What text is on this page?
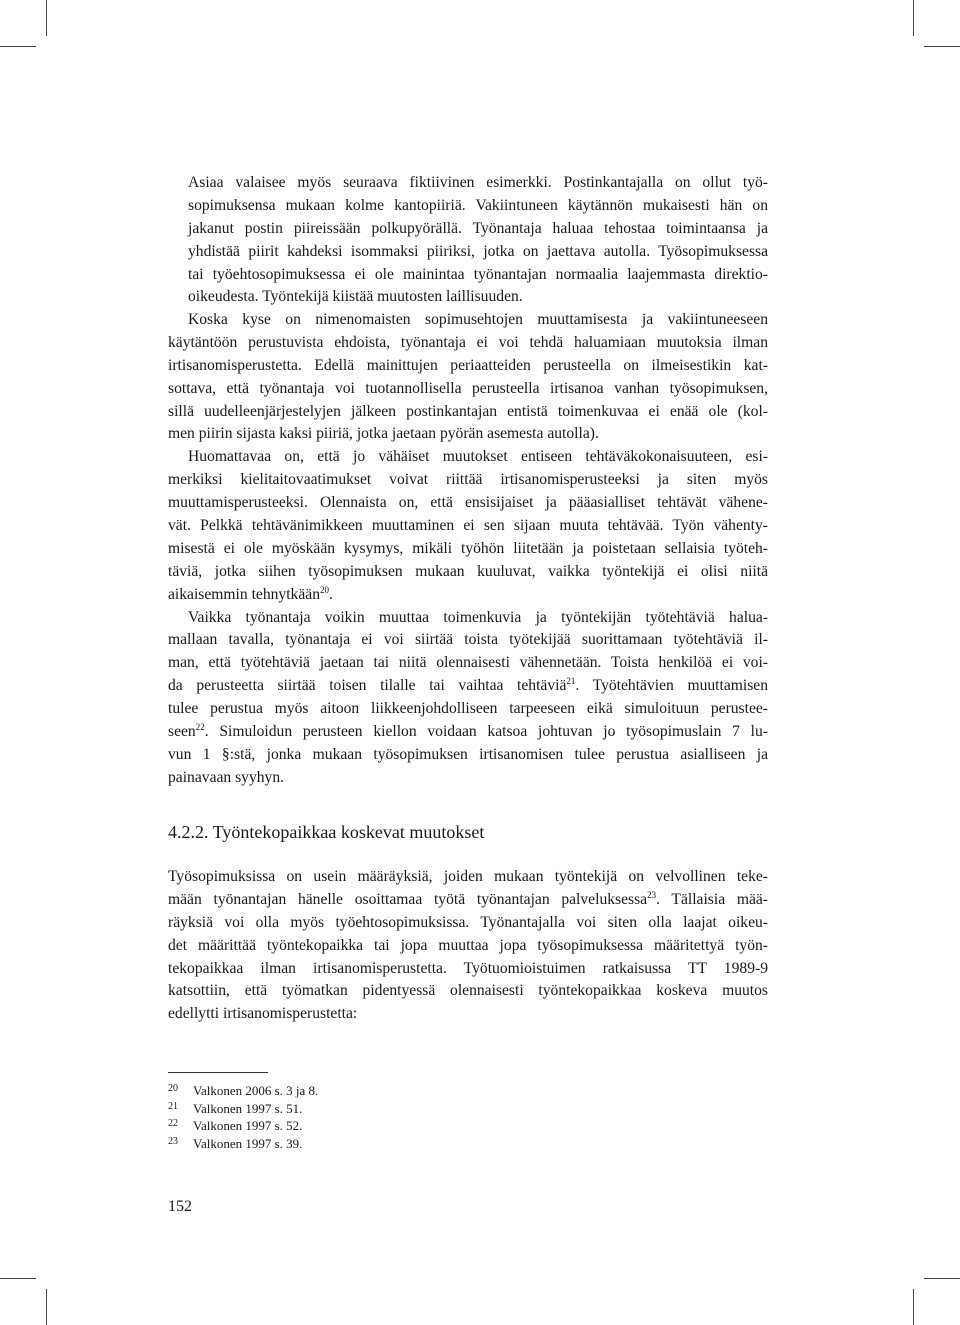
Asiaa valaisee myös seuraava fiktiivinen esimerkki. Postinkantajalla on ollut työ-
sopimuksensa mukaan kolme kantopiiriä. Vakiintuneen käytännön mukaisesti hän on
jakanut postin piireissään polkupyörällä. Työnantaja haluaa tehostaa toimintaansa ja
yhdistää piirit kahdeksi isommaksi piiriksi, jotka on jaettava autolla. Työsopimuksessa
tai työehtosopimuksessa ei ole mainintaa työnantajan normaalia laajemmasta direktio-
oikeudesta. Työntekijä kiistää muutosten laillisuuden.
Koska kyse on nimenomaisten sopimusehtojen muuttamisesta ja vakiintuneeseen
käytäntöön perustuvista ehdoista, työnantaja ei voi tehdä haluamiaan muutoksia ilman
irtisanomisperustetta. Edellä mainittujen periaatteiden perusteella on ilmeisestikin kat-
sottava, että työnantaja voi tuotannollisella perusteella irtisanoa vanhan työsopimuksen,
sillä uudelleenjärjestelyjen jälkeen postinkantajan entistä toimenkuvaa ei enää ole (kol-
men piirin sijasta kaksi piiriä, jotka jaetaan pyörän asemesta autolla).
Huomattavaa on, että jo vähäiset muutokset entiseen tehtäväkokonaisuuteen, esi-
merkiksi kielitaitovaatimukset voivat riittää irtisanomisperusteeksi ja siten myös
muuttamisperusteeksi. Olennaista on, että ensisijaiset ja pääasialliset tehtävät vähene-
vät. Pelkkä tehtävänimikkeen muuttaminen ei sen sijaan muuta tehtävää. Työn vähenty-
misestä ei ole myöskään kysymys, mikäli työhön liitetään ja poistetaan sellaisia työteh-
täviä, jotka siihen työsopimuksen mukaan kuuluvat, vaikka työntekijä ei olisi niitä
aikaisemmin tehnytkään$^{20}$.
Vaikka työnantaja voikin muuttaa toimenkuvia ja työntekijän työtehtäviä halua-
mallaan tavalla, työnantaja ei voi siirtää toista työtekijää suorittamaan työtehtäviä il-
man, että työtehtäviä jaetaan tai niitä olennaisesti vähennetään. Toista henkilöä ei voi-
da perusteetta siirtää toisen tilalle tai vaihtaa tehtäviä$^{21}$. Työtehtävien muuttamisen
tulee perustua myös aitoon liikkeenjohdolliseen tarpeeseen eikä simuloituun perustee-
seen$^{22}$. Simuloidun perusteen kiellon voidaan katsoa johtuvan jo työsopimuslain 7 lu-
vun 1 §:stä, jonka mukaan työsopimuksen irtisanomisen tulee perustua asialliseen ja
painavaan syyhyn.
4.2.2. Työntekopaikkaa koskevat muutokset
Työsopimuksissa on usein määräyksiä, joiden mukaan työntekijä on velvollinen teke-
mään työnantajan hänelle osoittamaa työtä työnantajan palveluksessa$^{23}$. Tällaisia mää-
räyksiä voi olla myös työehtosopimuksissa. Työnantajalla voi siten olla laajat oikeu-
det määrittää työntekopaikka tai jopa muuttaa jopa työsopimuksessa määritettyä työn-
tekopaikkaa ilman irtisanomisperustetta. Työtuomioistuimen ratkaisussa TT 1989-9
katsottiin, että työmatkan pidentyessä olennaisesti työntekopaikkaa koskeva muutos
edellytti irtisanomisperustetta:
20 Valkonen 2006 s. 3 ja 8.
21 Valkonen 1997 s. 51.
22 Valkonen 1997 s. 52.
23 Valkonen 1997 s. 39.
152
